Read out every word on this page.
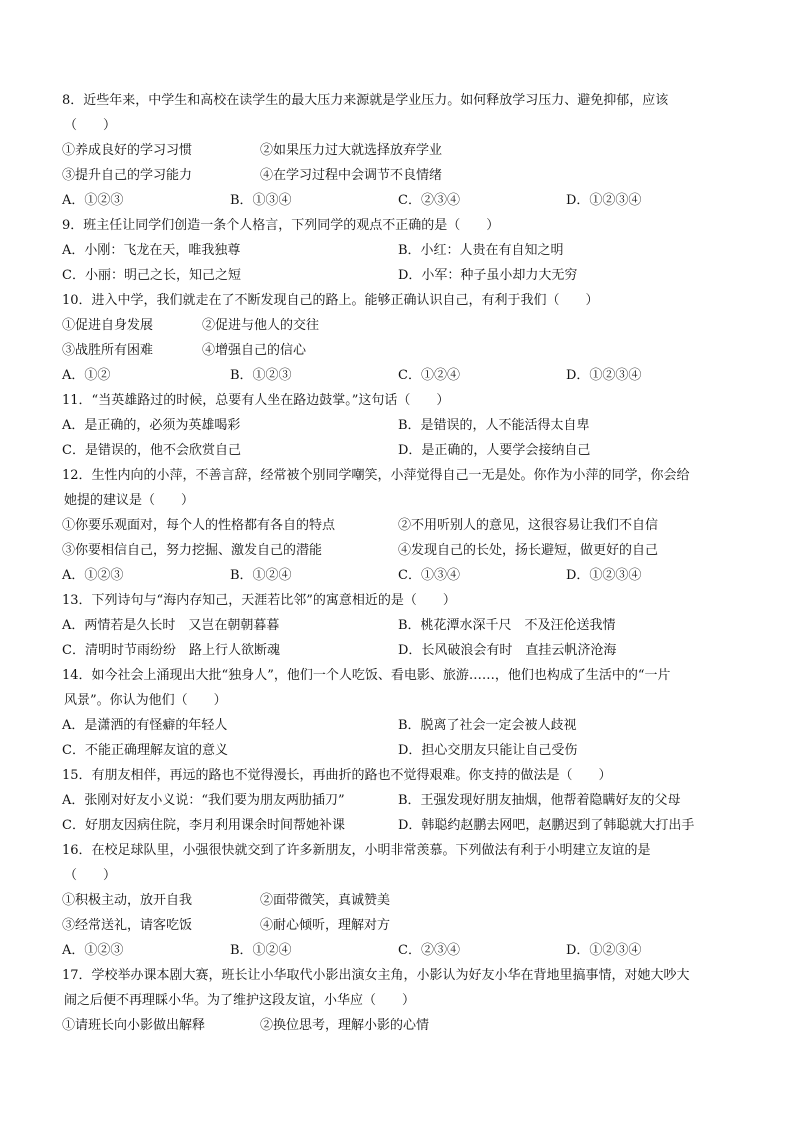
8．近些年来，中学生和高校在读学生的最大压力来源就是学业压力。如何释放学习压力、避免抑郁，应该
（　　）
①养成良好的学习习惯	②如果压力过大就选择放弃学业
③提升自己的学习能力	④在学习过程中会调节不良情绪
A．①②③	B．①③④	C．②③④	D．①②③④
9．班主任让同学们创造一条个人格言，下列同学的观点不正确的是（　　）
A．小刚：飞龙在天，唯我独尊	B．小红：人贵在有自知之明
C．小丽：明己之长，知己之短	D．小军：种子虽小却力大无穷
10．进入中学，我们就走在了不断发现自己的路上。能够正确认识自己，有利于我们（　　）
①促进自身发展	②促进与他人的交往
③战胜所有困难	④增强自己的信心
A．①②	B．①②③	C．①②④	D．①②③④
11．“当英雄路过的时候，总要有人坐在路边鼓掌。”这句话（　　）
A．是正确的，必须为英雄喝彩	B．是错误的，人不能活得太自卑
C．是错误的，他不会欣赏自己	D．是正确的，人要学会接纳自己
12．生性内向的小萍，不善言辞，经常被个别同学嘲笑，小萍觉得自己一无是处。你作为小萍的同学，你会给
她提的建议是（　　）
①你要乐观面对，每个人的性格都有各自的特点	②不用听别人的意见，这很容易让我们不自信
③你要相信自己，努力挖掘、激发自己的潜能	④发现自己的长处，扬长避短，做更好的自己
A．①②③	B．①②④	C．①③④	D．①②③④
13．下列诗句与“海内存知己，天涯若比邻”的寓意相近的是（　　）
A．两情若是久长时　又岂在朝朝暮暮	B．桃花潭水深千尺　不及汪伦送我情
C．清明时节雨纷纷　路上行人欲断魂	D．长风破浪会有时　直挂云帆济沧海
14．如今社会上涌现出大批“独身人”，他们一个人吃饭、看电影、旅游……，他们也构成了生活中的“一片
风景”。你认为他们（　　）
A．是潇洒的有怪癖的年轻人	B．脱离了社会一定会被人歧视
C．不能正确理解友谊的意义	D．担心交朋友只能让自己受伤
15．有朋友相伴，再远的路也不觉得漫长，再曲折的路也不觉得艰难。你支持的做法是（　　）
A．张刚对好友小义说：“我们要为朋友两肋插刀”	B．王强发现好朋友抽烟，他帮着隐瞒好友的父母
C．好朋友因病住院，李月利用课余时间帮她补课	D．韩聪约赵鹏去网吧，赵鹏迟到了韩聪就大打出手
16．在校足球队里，小强很快就交到了许多新朋友，小明非常羡慕。下列做法有利于小明建立友谊的是
（　　）
①积极主动，放开自我	②面带微笑，真诚赞美
③经常送礼，请客吃饭	④耐心倾听，理解对方
A．①②③	B．①②④	C．②③④	D．①②③④
17．学校举办课本剧大赛，班长让小华取代小影出演女主角，小影认为好友小华在背地里搞事情，对她大吵大
闹之后便不再理睬小华。为了维护这段友谊，小华应（　　）
①请班长向小影做出解释	②换位思考，理解小影的心情
